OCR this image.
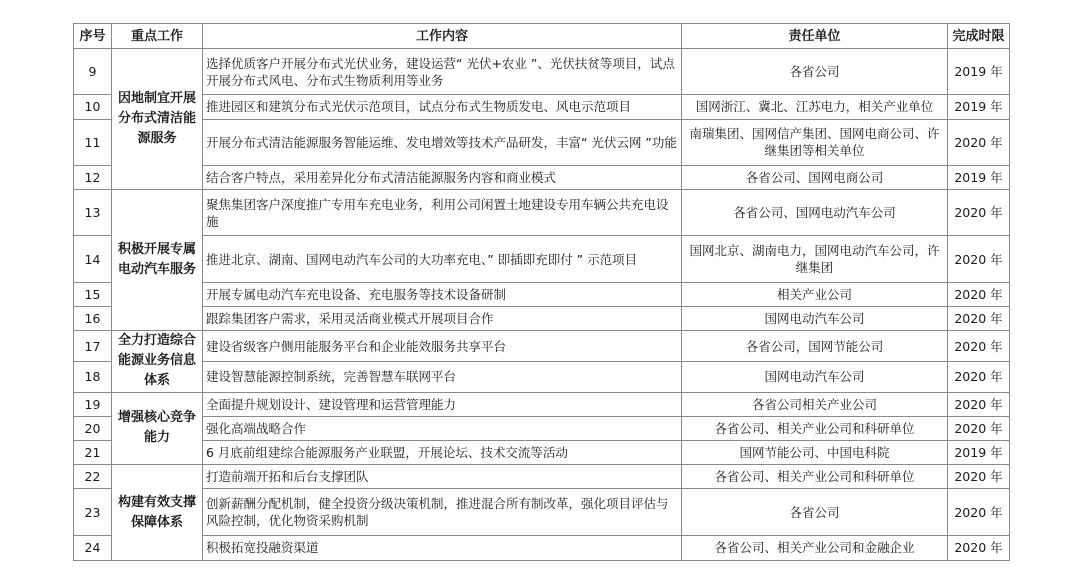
序号	重点工作	工作内容	责任单位	完成时限
9	因地制宜开展分布式清洁能源服务	选择优质客户开展分布式光伏业务，建设运营“ 光伏+农业 ”、光伏扶贫等项目，试点开展分布式风电、分布式生物质利用等业务	各省公司	2019 年
10		推进园区和建筑分布式光伏示范项目，试点分布式生物质发电、风电示范项目	国网浙江、冀北、江苏电力，相关产业单位	2019 年
11		开展分布式清洁能源服务智能运维、发电增效等技术产品研发，丰富“ 光伏云网 ”功能	南瑞集团、国网信产集团、国网电商公司、许继集团等相关单位	2020 年
12		结合客户特点，采用差异化分布式清洁能源服务内容和商业模式	各省公司、国网电商公司	2019 年
13	积极开展专属电动汽车服务	聚焦集团客户深度推广专用车充电业务，利用公司闲置土地建设专用车辆公共充电设施	各省公司、国网电动汽车公司	2020 年
14		推进北京、湖南、国网电动汽车公司的大功率充电、” 即插即充即付 ” 示范项目	国网北京、湖南电力，国网电动汽车公司，许继集团	2020 年
15		开展专属电动汽车充电设备、充电服务等技术设备研制	相关产业公司	2020 年
16		跟踪集团客户需求，采用灵活商业模式开展项目合作	国网电动汽车公司	2020 年
17	全力打造综合能源业务信息体系	建设省级客户侧用能服务平台和企业能效服务共享平台	各省公司，国网节能公司	2020 年
18		建设智慧能源控制系统，完善智慧车联网平台	国网电动汽车公司	2020 年
19	增强核心竞争能力	全面提升规划设计、建设管理和运营管理能力	各省公司相关产业公司	2020 年
20		强化高端战略合作	各省公司、相关产业公司和科研单位	2020 年
21		6 月底前组建综合能源服务产业联盟，开展论坛、技术交流等活动	国网节能公司、中国电科院	2019 年
22	构建有效支撑保障体系	打造前端开拓和后台支撑团队	各省公司、相关产业公司和科研单位	2020 年
23		创新薪酬分配机制，健全投资分级决策机制，推进混合所有制改革，强化项目评估与风险控制，优化物资采购机制	各省公司	2020 年
24		积极拓宽投融资渠道	各省公司、相关产业公司和金融企业	2020 年
